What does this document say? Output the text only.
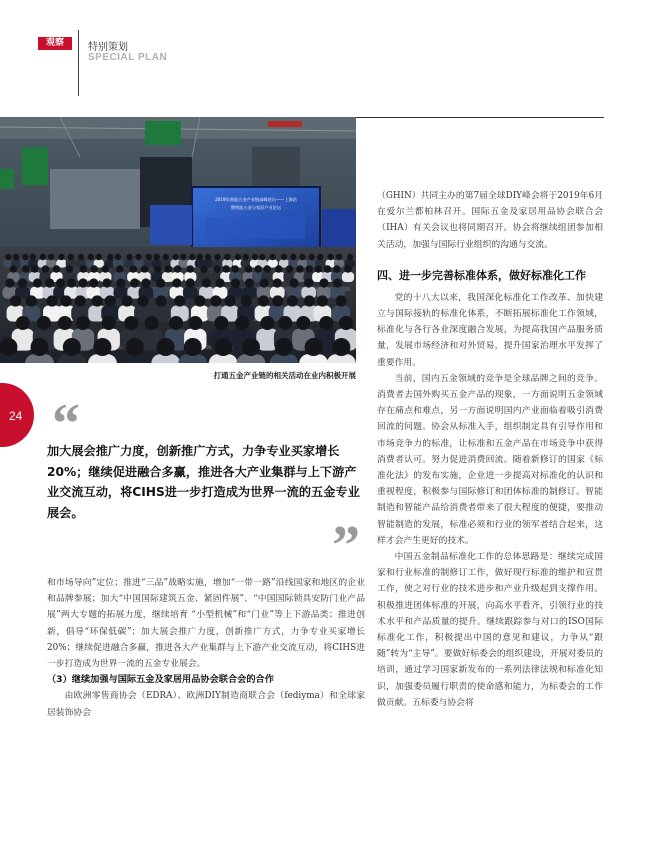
观察	特别策划
SPECIAL PLAN
2019年智能五金产业链高峰论坛——上海站
暨智能五金与家居产业论坛
打通五金产业链的相关活动在业内积极开展
24 “
加大展会推广力度，创新推广方式，力争专业买家增长20%；继续促进融合多赢，推进各大产业集群与上下游产业交流互动，将CIHS进一步打造成为世界一流的五金专业展会。
”

和市场导向”定位；推进“三品”战略实施，增加“一带一路”沿线国家和地区的企业和品牌参展；加大“中国国际建筑五金、紧固件展”、“中国国际锁具安防门业产品展”两大专题的拓展力度，继续培育 “小型机械”和“门业”等上下游品类；推进创新，倡导“环保低碳”；加大展会推广力度，创新推广方式，力争专业买家增长20%；继续促进融合多赢，推进各大产业集群与上下游产业交流互动，将CIHS进一步打造成为世界一流的五金专业展会。

（3）继续加强与国际五金及家居用品协会联合会的合作

由欧洲零售商协会（EDRA）、欧洲DIY制造商联合会（fediyma）和全球家居装饰协会

（GHIN）共同主办的第7届全球DIY峰会将于2019年6月在爱尔兰都柏林召开。国际五金及家居用品协会联合会（IHA）有关会议也将同期召开。协会将继续组团参加相关活动，加强与国际行业组织的沟通与交流。

四、进一步完善标准体系，做好标准化工作

党的十八大以来，我国深化标准化工作改革、加快建立与国际接轨的标准化体系，不断拓展标准化工作领域，标准化与各行各业深度融合发展，为提高我国产品服务质量，发展市场经济和对外贸易，提升国家治理水平发挥了重要作用。

当前，国内五金领域的竞争是全球品牌之间的竞争。消费者去国外购买五金产品的现象，一方面说明五金领域存在痛点和难点，另一方面说明国内产业面临着吸引消费回流的问题。协会从标准入手，组织制定具有引导作用和市场竞争力的标准，让标准和五金产品在市场竞争中获得消费者认可。努力促进消费回流。随着新修订的国家《标准化法》的发布实施，企业进一步提高对标准化的认识和重视程度，积极参与国际修订和团体标准的制修订。智能制造和智能产品给消费者带来了很大程度的便捷，要推动智能制造的发展，标准必须和行业的领军者结合起来，这样才会产生更好的技术。

中国五金制品标准化工作的总体思路是：继续完成国家和行业标准的制修订工作，做好现行标准的维护和宣贯工作，使之对行业的技术进步和产业升级起到支撑作用。积极推进团体标准的开展，向高水平看齐，引领行业的技术水平和产品质量的提升。继续跟踪参与对口的ISO国际标准化工作，积极提出中国的意见和建议，力争从“跟随”转为“主导”。要做好标委会的组织建设，开展对委员的培训，通过学习国家新发布的一系列法律法规和标准化知识，加强委员履行职责的使命感和能力，为标委会的工作做贡献。五标委与协会将
